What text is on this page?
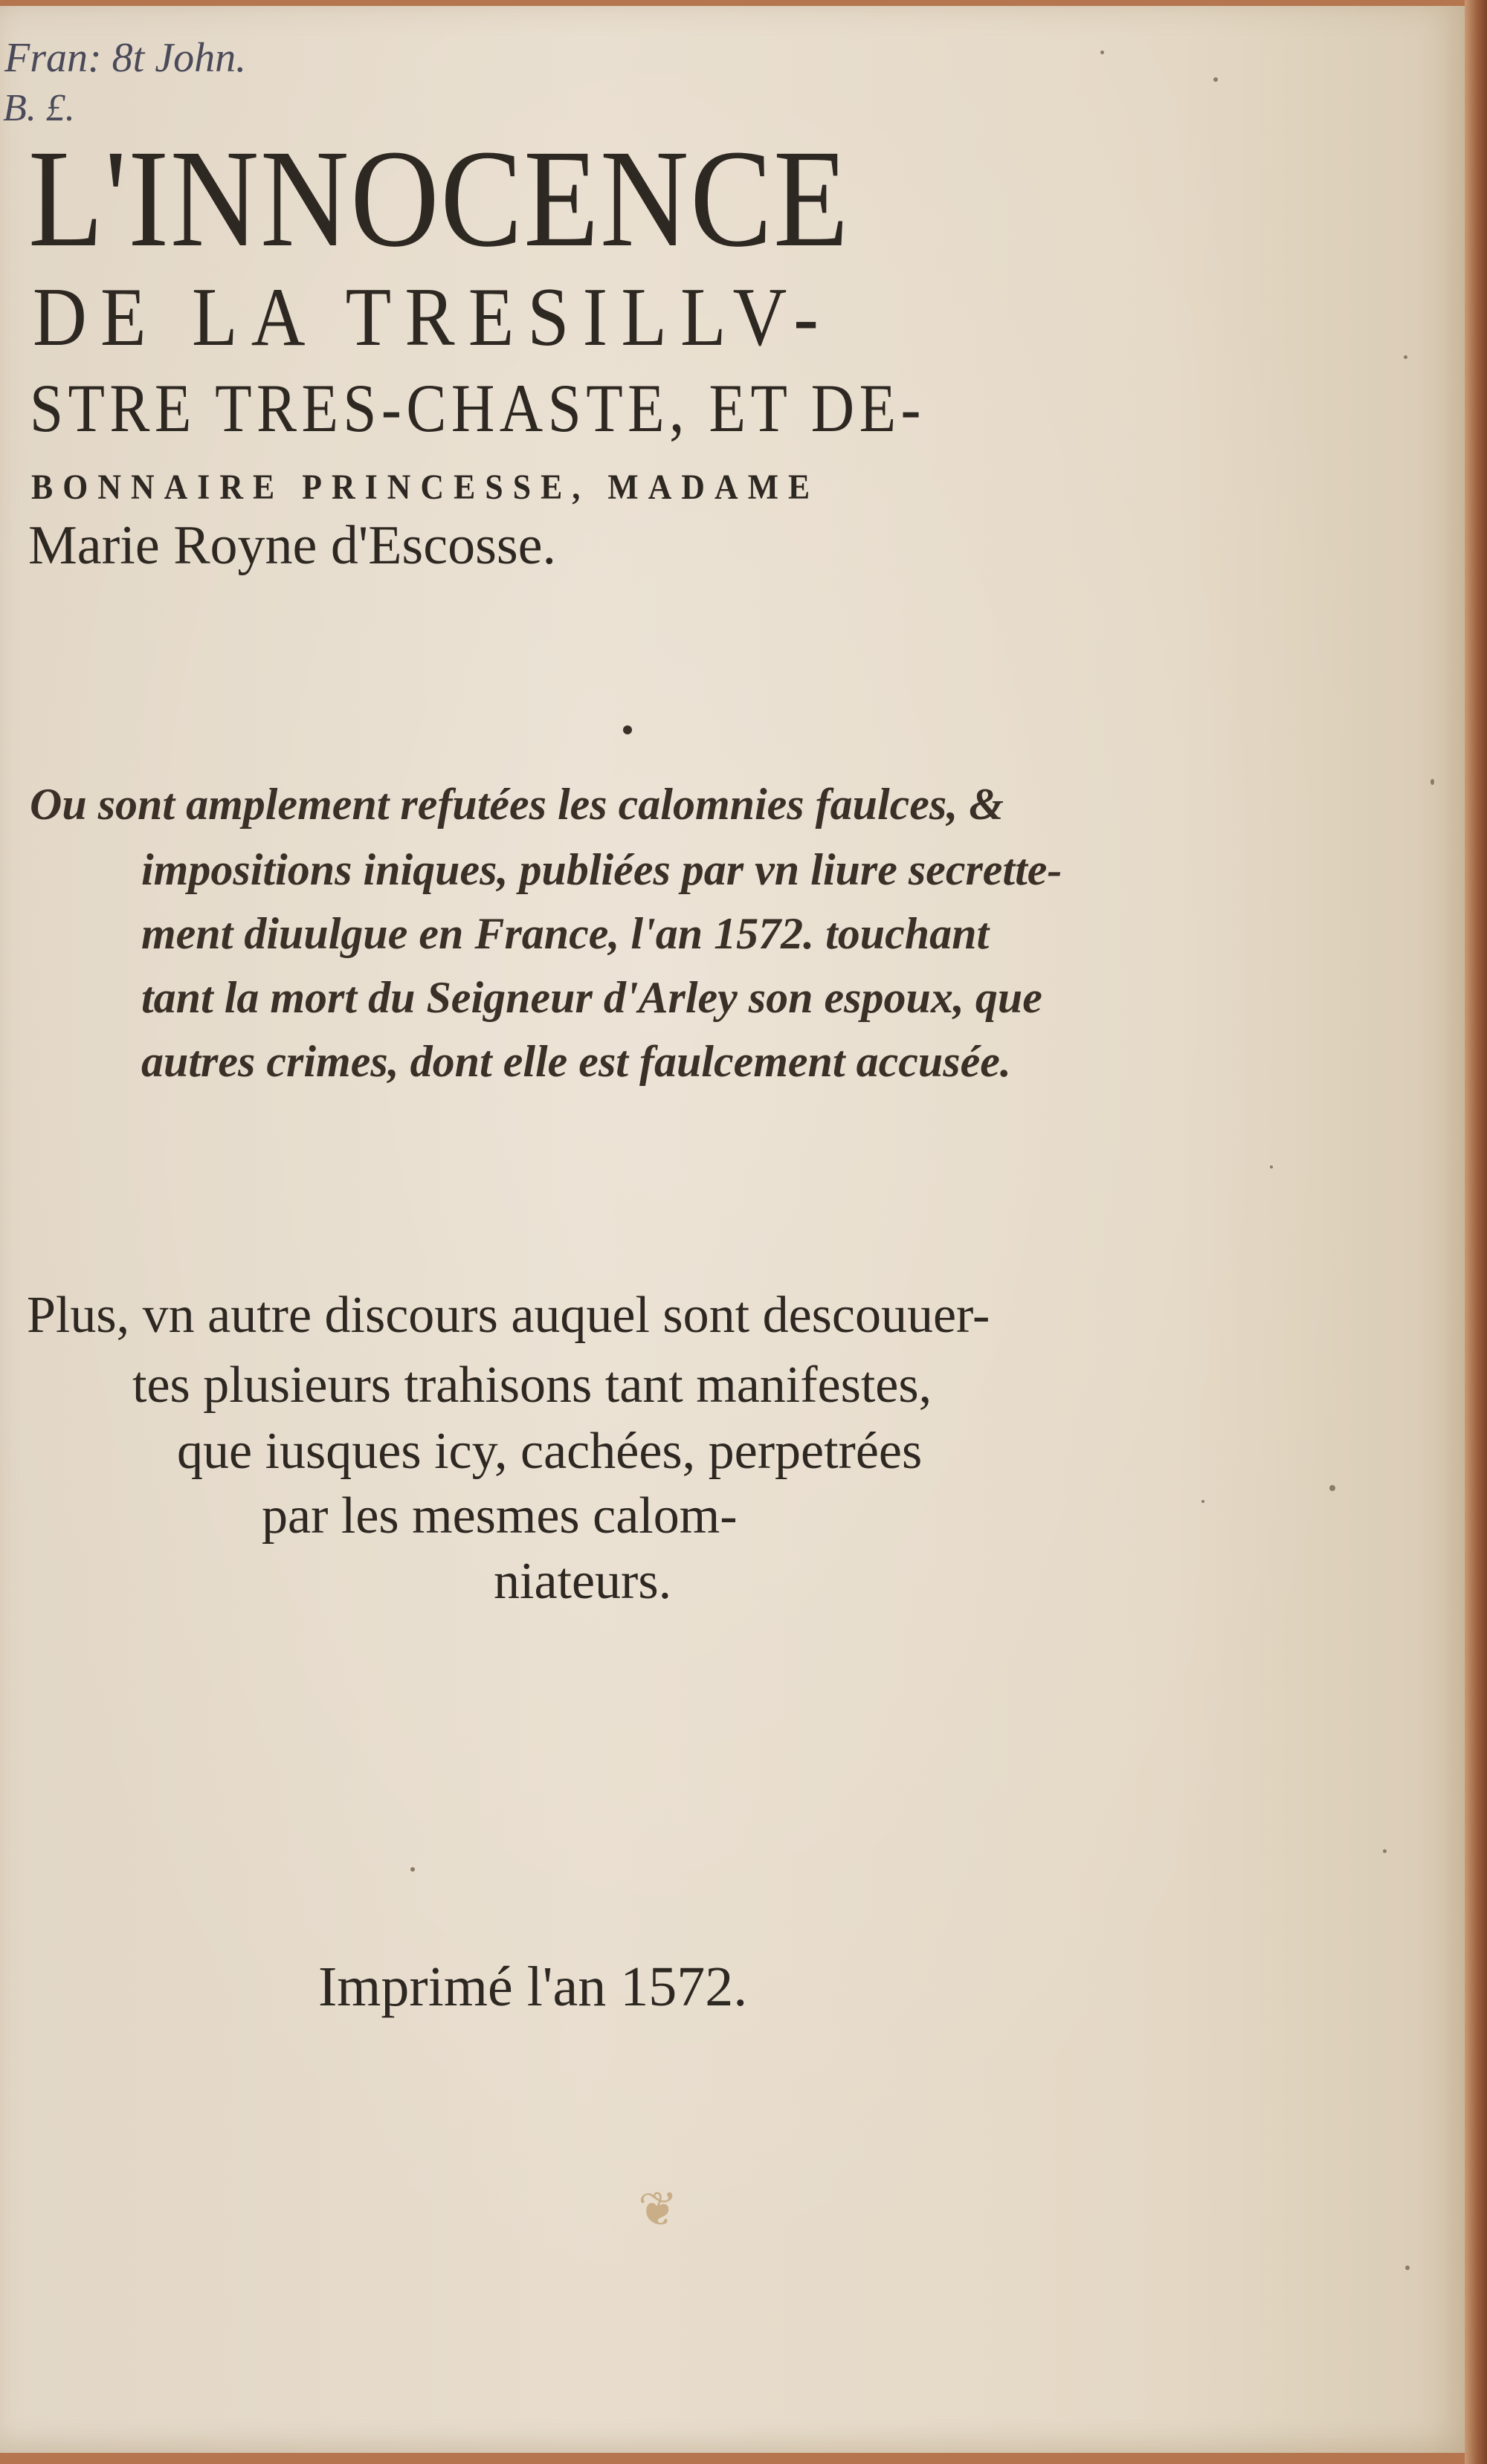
Fran: 8t John.

B. £.

L'INNOCENCE

DE LA TRESILLV-

STRE TRES-CHASTE, ET DE-

BONNAIRE PRINCESSE, MADAME

Marie Royne d'Escosse.

Ou sont amplement refutées les calomnies faulces, &

impositions iniques, publiées par vn liure secrette-

ment diuulgue en France, l'an 1572. touchant

tant la mort du Seigneur d'Arley son espoux, que

autres crimes, dont elle est faulcement accusée.

Plus, vn autre discours auquel sont descouuer-

tes plusieurs trahisons tant manifestes,

que iusques icy, cachées, perpetrées

par les mesmes calom-

niateurs.

Imprimé l'an 1572.

❦
